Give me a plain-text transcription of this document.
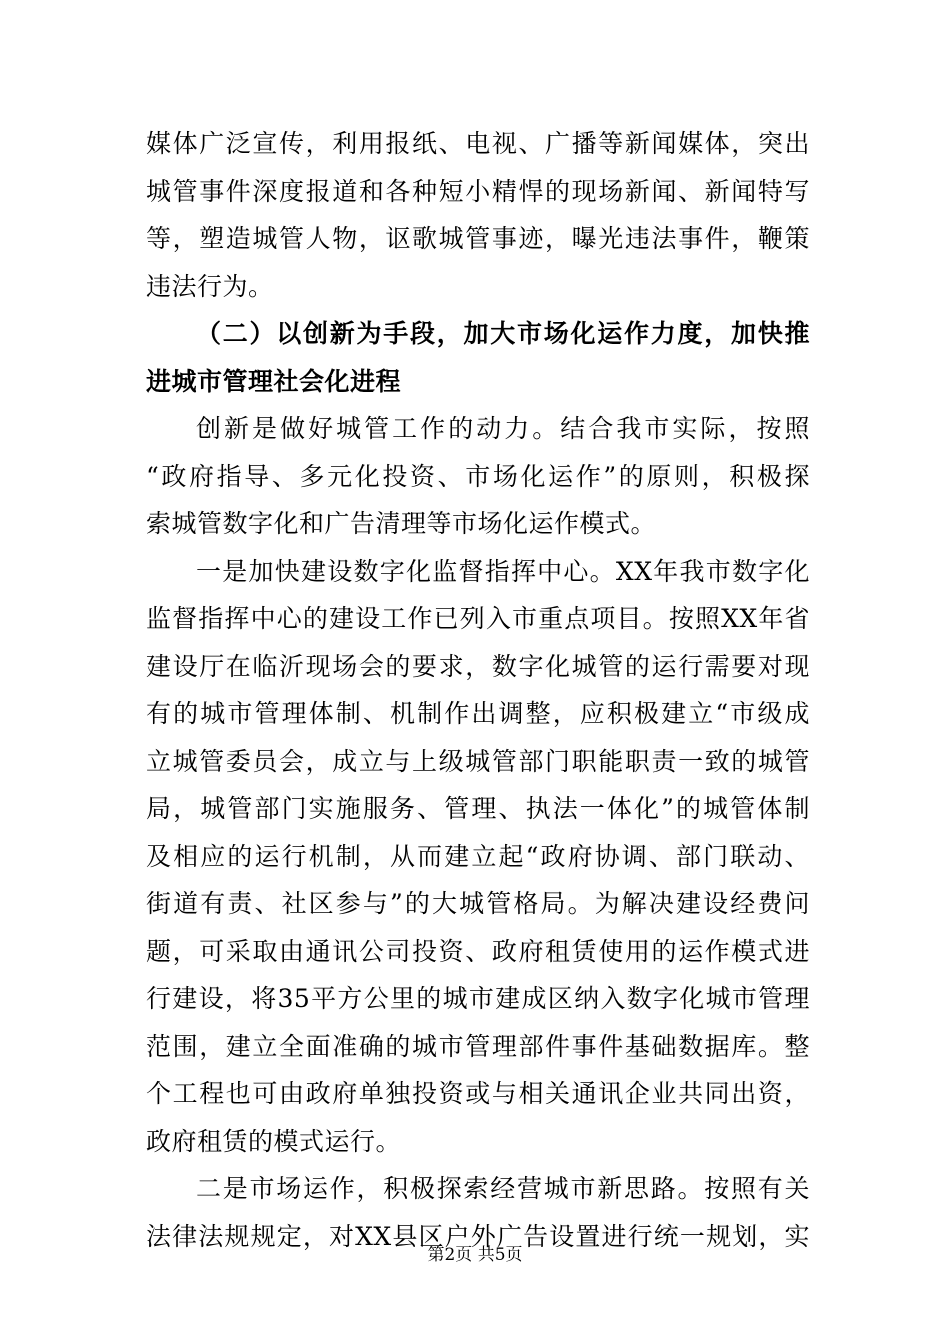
媒体广泛宣传，利用报纸、电视、广播等新闻媒体，突出
城管事件深度报道和各种短小精悍的现场新闻、新闻特写
等，塑造城管人物，讴歌城管事迹，曝光违法事件，鞭策
违法行为。
（二）以创新为手段，加大市场化运作力度，加快推
进城市管理社会化进程
创新是做好城管工作的动力。结合我市实际，按照
“政府指导、多元化投资、市场化运作”的原则，积极探
索城管数字化和广告清理等市场化运作模式。
一是加快建设数字化监督指挥中心。XX年我市数字化
监督指挥中心的建设工作已列入市重点项目。按照XX年省
建设厅在临沂现场会的要求，数字化城管的运行需要对现
有的城市管理体制、机制作出调整，应积极建立“市级成
立城管委员会，成立与上级城管部门职能职责一致的城管
局，城管部门实施服务、管理、执法一体化”的城管体制
及相应的运行机制，从而建立起“政府协调、部门联动、
街道有责、社区参与”的大城管格局。为解决建设经费问
题，可采取由通讯公司投资、政府租赁使用的运作模式进
行建设，将35平方公里的城市建成区纳入数字化城市管理
范围，建立全面准确的城市管理部件事件基础数据库。整
个工程也可由政府单独投资或与相关通讯企业共同出资，
政府租赁的模式运行。
二是市场运作，积极探索经营城市新思路。按照有关
法律法规规定，对XX县区户外广告设置进行统一规划，实
第2页 共5页
